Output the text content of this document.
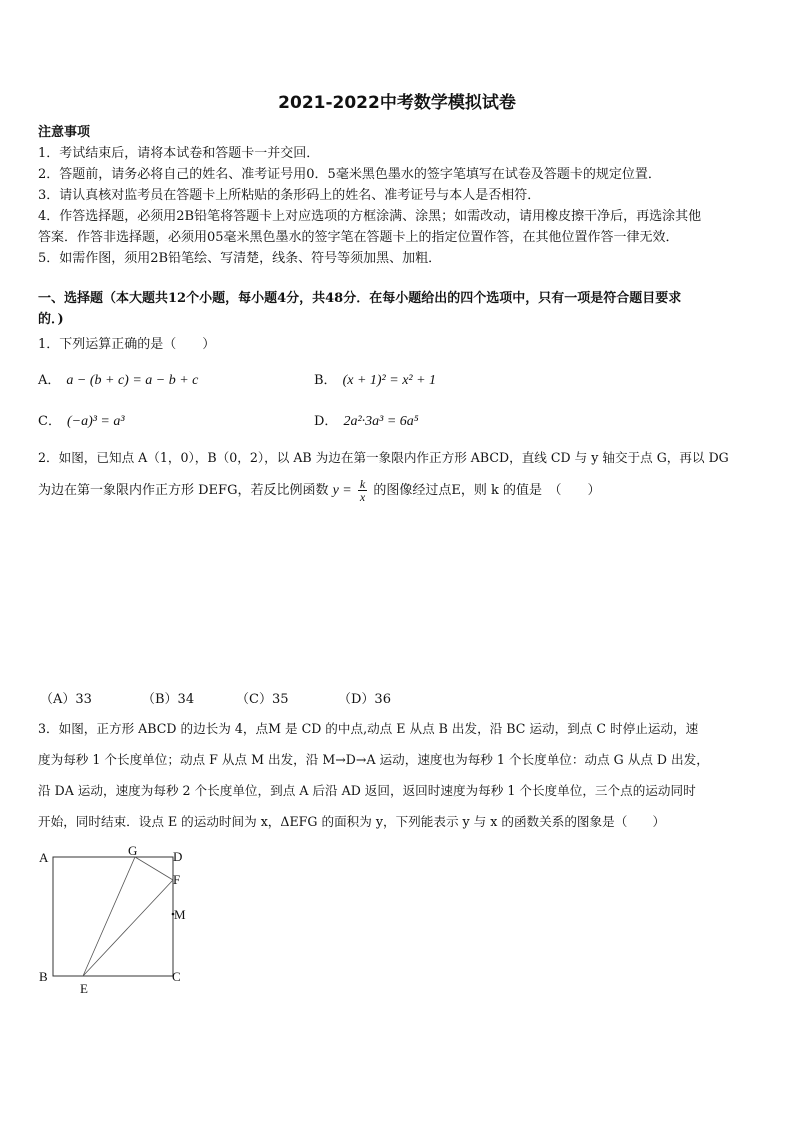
2021-2022中考数学模拟试卷
注意事项
1．考试结束后，请将本试卷和答题卡一并交回．
2．答题前，请务必将自己的姓名、准考证号用0．5毫米黑色墨水的签字笔填写在试卷及答题卡的规定位置．
3．请认真核对监考员在答题卡上所粘贴的条形码上的姓名、准考证号与本人是否相符．
4．作答选择题，必须用2B铅笔将答题卡上对应选项的方框涂满、涂黑；如需改动，请用橡皮擦干净后，再选涂其他
答案．作答非选择题，必须用05毫米黑色墨水的签字笔在答题卡上的指定位置作答，在其他位置作答一律无效．
5．如需作图，须用2B铅笔绘、写清楚，线条、符号等须加黑、加粗．
一、选择题（本大题共12个小题，每小题4分，共48分．在每小题给出的四个选项中，只有一项是符合题目要求
的．)
1．下列运算正确的是（　　）
A． a − (b + c) = a − b + c	B． (x + 1)² = x² + 1
C． (−a)³ = a³	D． 2a²·3a³ = 6a⁵
2．如图，已知点 A（1，0），B（0，2），以 AB 为边在第一象限内作正方形 ABCD，直线 CD 与 y 轴交于点 G，再以 DG
为边在第一象限内作正方形 DEFG，若反比例函数 $y = \frac{k}{x}$ 的图像经过点E，则 k 的值是　（　　）
（A）33	（B）34	（C）35	（D）36
3．如图，正方形 ABCD 的边长为 4，点M 是 CD 的中点,动点 E 从点 B 出发，沿 BC 运动，到点 C 时停止运动，速
度为每秒 1 个长度单位；动点 F 从点 M 出发，沿 M→D→A 运动，速度也为每秒 1 个长度单位：动点 G 从点 D 出发，
沿 DA 运动，速度为每秒 2 个长度单位，到点 A 后沿 AD 返回，返回时速度为每秒 1 个长度单位，三个点的运动同时
开始，同时结束．设点 E 的运动时间为 x，ΔEFG 的面积为 y，下列能表示 y 与 x 的函数关系的图象是（　　）
A	G	D
F
M
B	C
E
